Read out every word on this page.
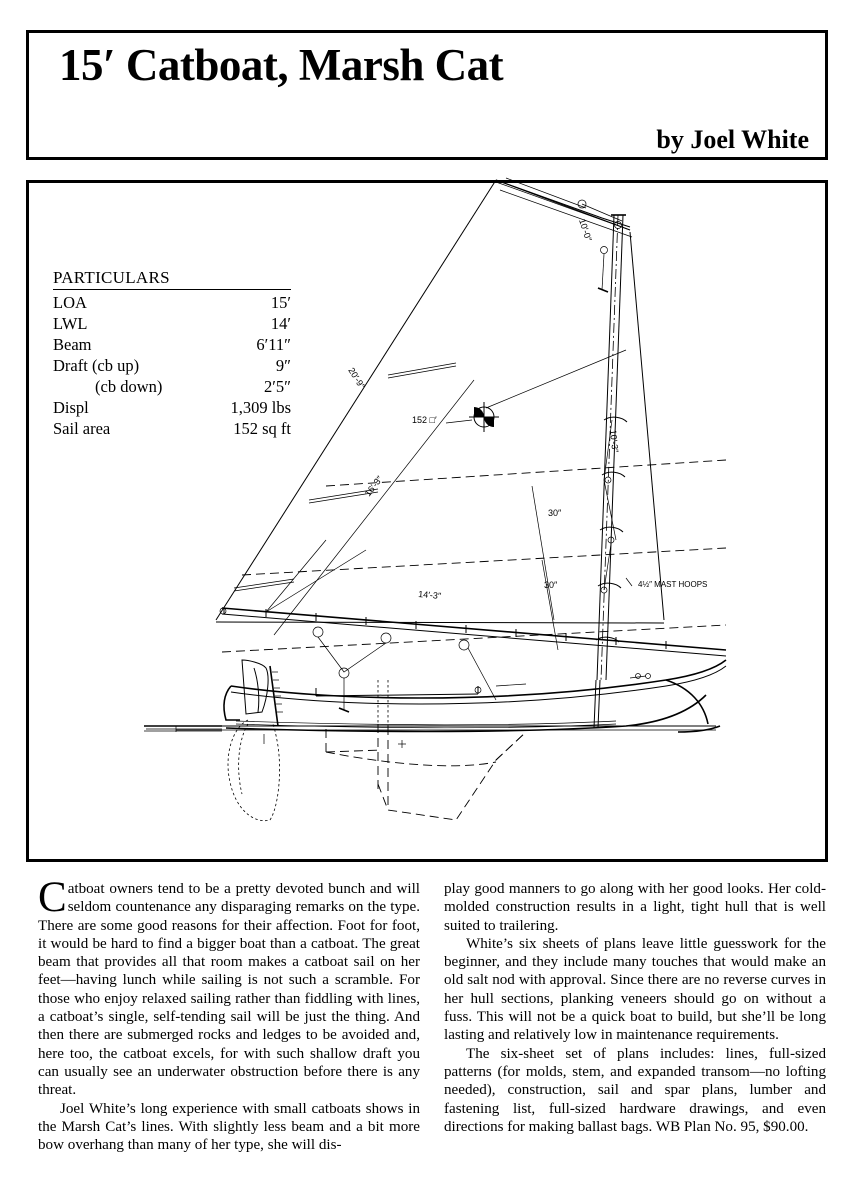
15′ Catboat, Marsh Cat
by Joel White
20′-9″
16′-3″
14′-3″
10′-0″
10′-3″
30″
30″	4½″ MAST HOOPS
152 □′
PARTICULARS
LOA	15′
LWL	14′
Beam	6′11″
Draft (cb up)	9″
(cb down)	2′5″
Displ	1,309 lbs
Sail area	152 sq ft

Catboat owners tend to be a pretty devoted bunch and will seldom countenance any disparaging remarks on the type. There are some good reasons for their affection. Foot for foot, it would be hard to find a bigger boat than a catboat. The great beam that provides all that room makes a catboat sail on her feet—having lunch while sailing is not such a scramble. For those who enjoy relaxed sailing rather than fiddling with lines, a catboat’s single, self-tending sail will be just the thing. And then there are submerged rocks and ledges to be avoided and, here too, the catboat excels, for with such shallow draft you can usually see an underwater obstruction before there is any threat.

Joel White’s long experience with small catboats shows in the Marsh Cat’s lines. With slightly less beam and a bit more bow overhang than many of her type, she will dis-

play good manners to go along with her good looks. Her cold-molded construction results in a light, tight hull that is well suited to trailering.

White’s six sheets of plans leave little guesswork for the beginner, and they include many touches that would make an old salt nod with approval. Since there are no reverse curves in her hull sections, planking veneers should go on without a fuss. This will not be a quick boat to build, but she’ll be long lasting and relatively low in maintenance requirements.

The six-sheet set of plans includes: lines, full-sized patterns (for molds, stem, and expanded transom—no lofting needed), construction, sail and spar plans, lumber and fastening list, full-sized hardware drawings, and even directions for making ballast bags. WB Plan No. 95, $90.00.
